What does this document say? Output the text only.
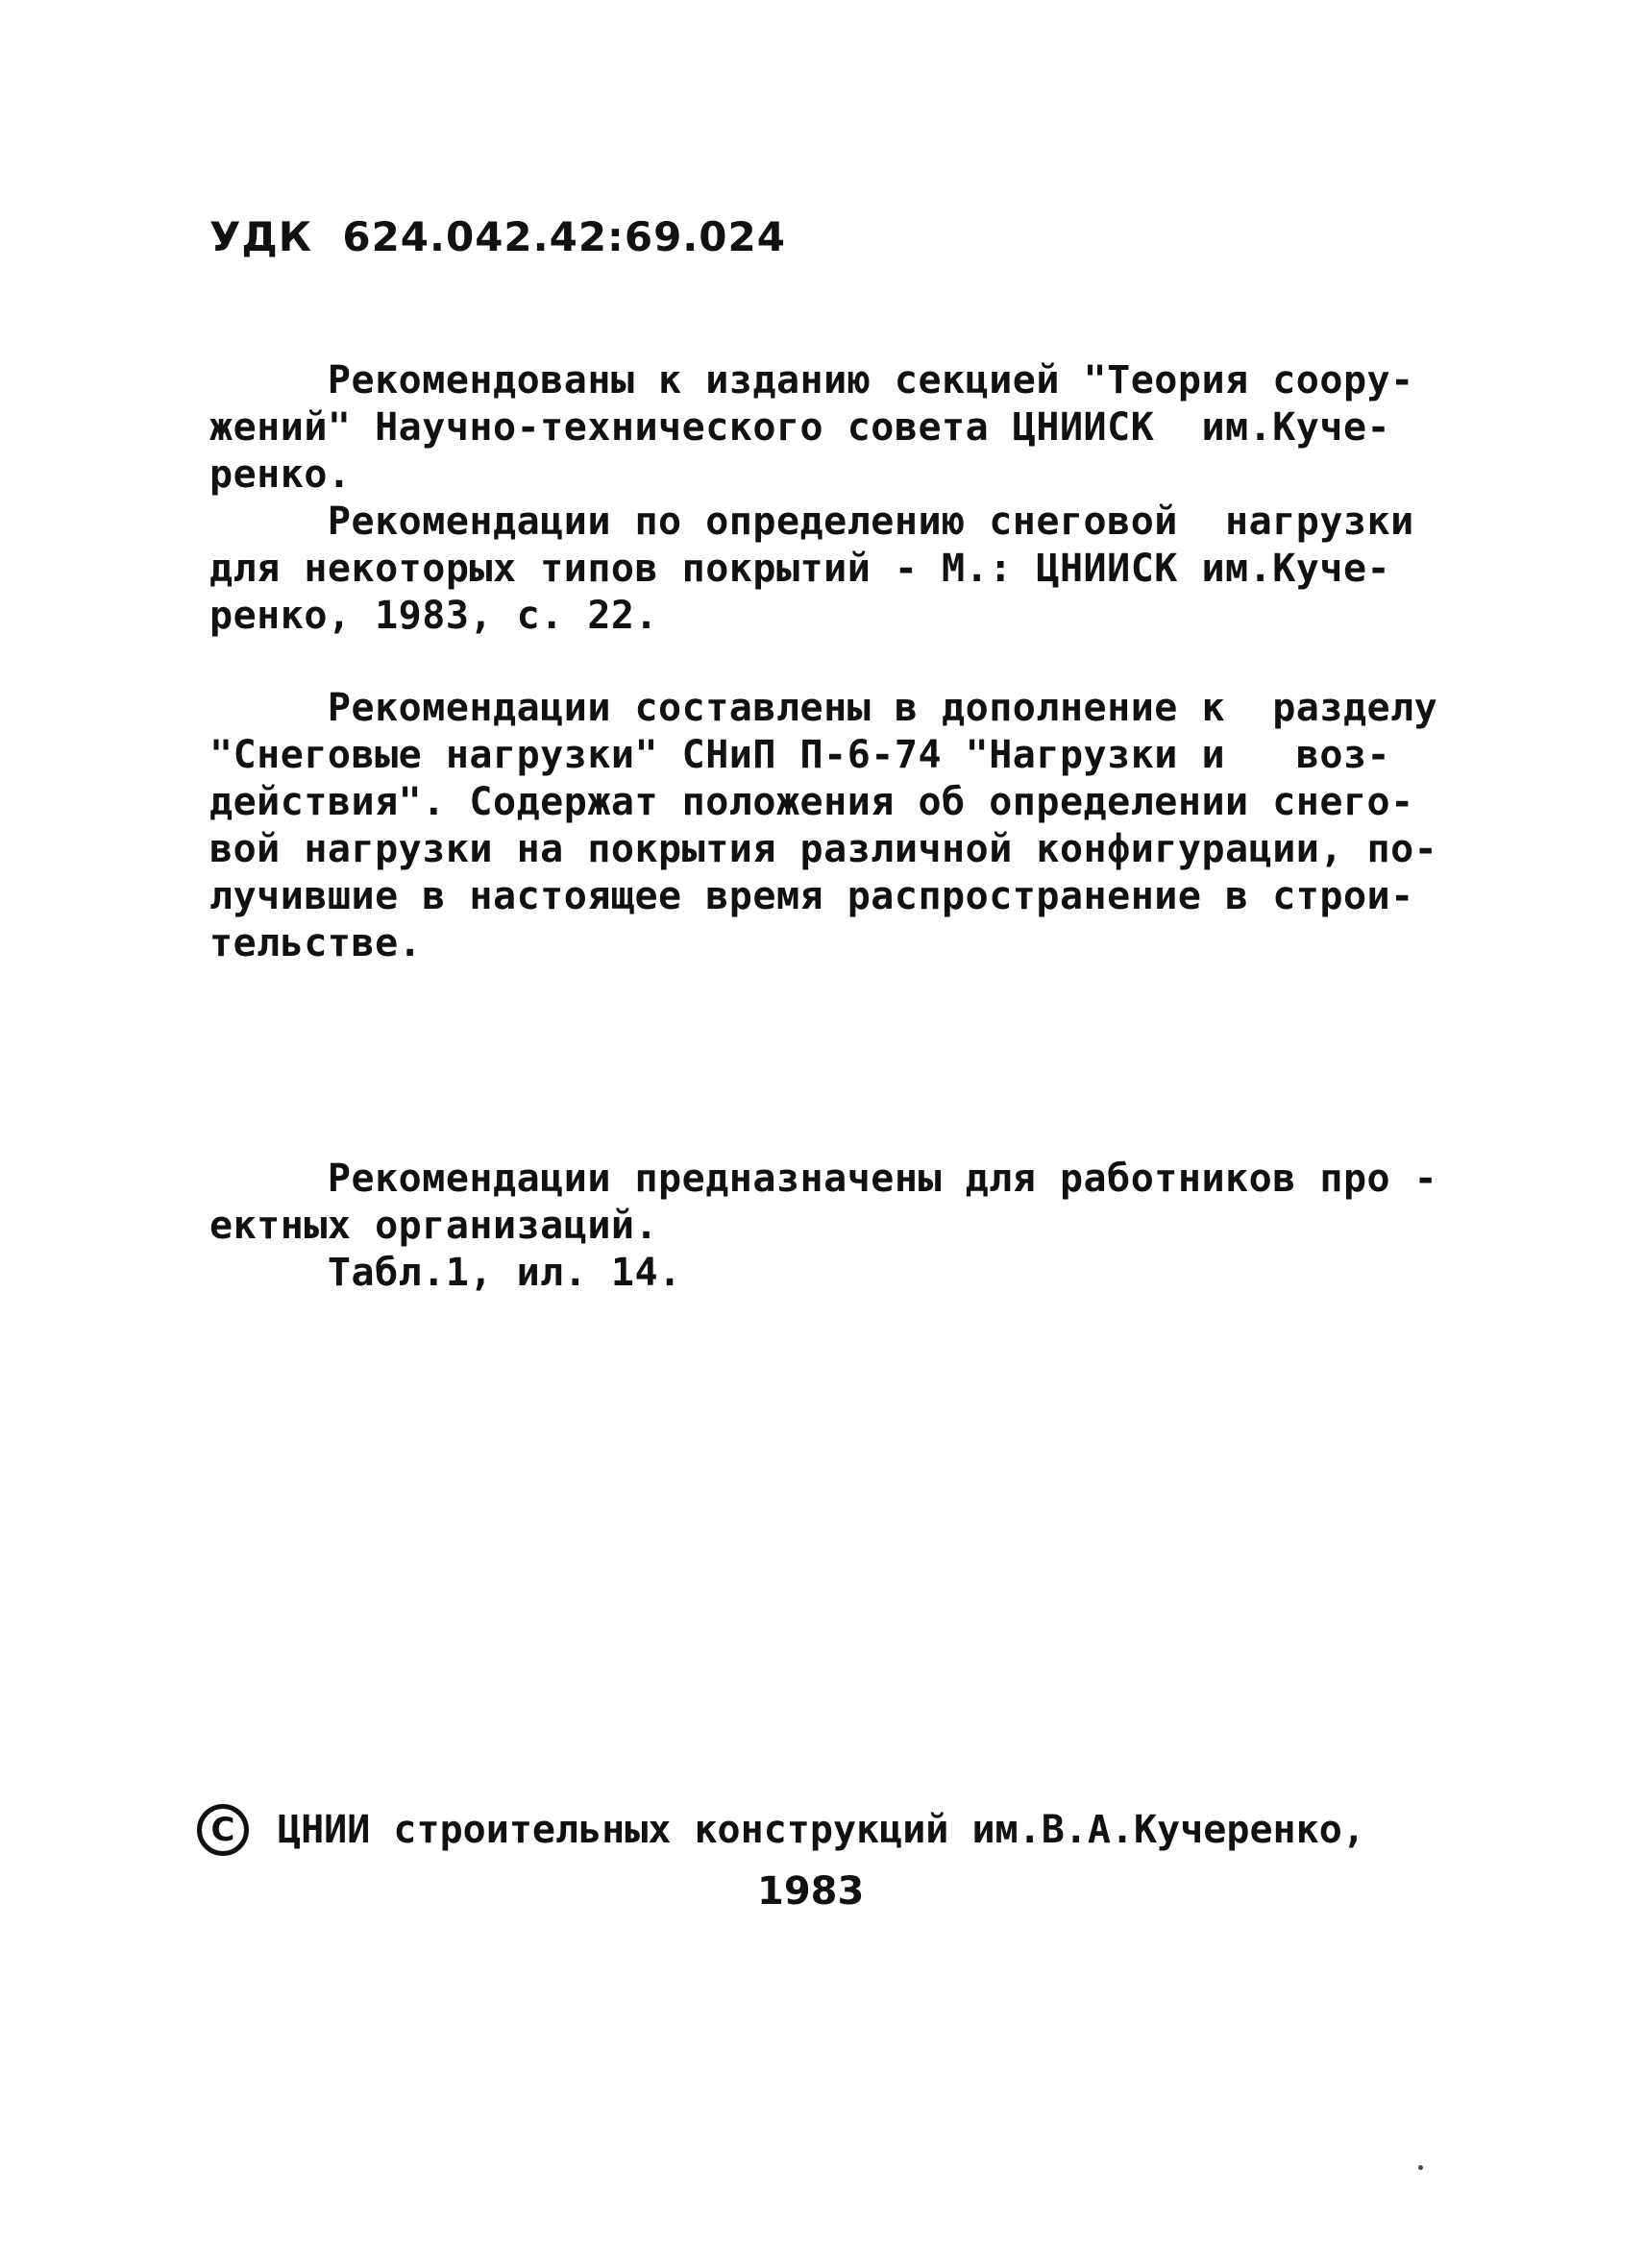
УДК  624.042.42:69.024
Рекомендованы к изданию секцией "Теория соору-
жений" Научно-технического совета ЦНИИСК  им.Куче-
ренко.
Рекомендации по определению снеговой  нагрузки
для некоторых типов покрытий - М.: ЦНИИСК им.Куче-
ренко, 1983, с. 22.
Рекомендации составлены в дополнение к  разделу
"Снеговые нагрузки" СНиП П-6-74 "Нагрузки и   воз-
действия". Содержат положения об определении снего-
вой нагрузки на покрытия различной конфигурации, по-
лучившие в настоящее время распространение в строи-
тельстве.
Рекомендации предназначены для работников про -
ектных организаций.
Табл.1, ил. 14.
C	ЦНИИ строительных конструкций им.В.А.Кучеренко,
1983
